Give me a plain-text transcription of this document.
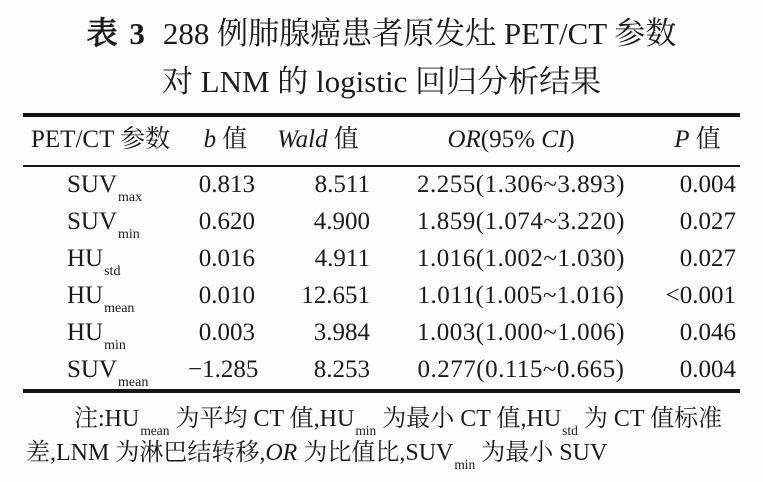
表 3 288 例肺腺癌患者原发灶 PET/CT 参数
对 LNM 的 logistic 回归分析结果
PET/CT 参数	b 值	Wald 值	OR(95% CI)	P 值
$SUV_{max}$	0.813	8.511	2.255(1.306~3.893)	0.004
$SUV_{min}$	0.620	4.900	1.859(1.074~3.220)	0.027
$HU_{std}$	0.016	4.911	1.016(1.002~1.030)	0.027
$HU_{mean}$	0.010	12.651	1.011(1.005~1.016)	<0.001
$HU_{min}$	0.003	3.984	1.003(1.000~1.006)	0.046
$SUV_{mean}$	−1.285	8.253	0.277(0.115~0.665)	0.004
注$:HU_{mean}$ 为平均 CT 值$,HU_{min}$ 为最小 CT 值$,HU_{std}$ 为 CT 值标准
差,LNM 为淋巴结转移,OR 为比值比$,SUV_{min}$ 为最小 SUV
